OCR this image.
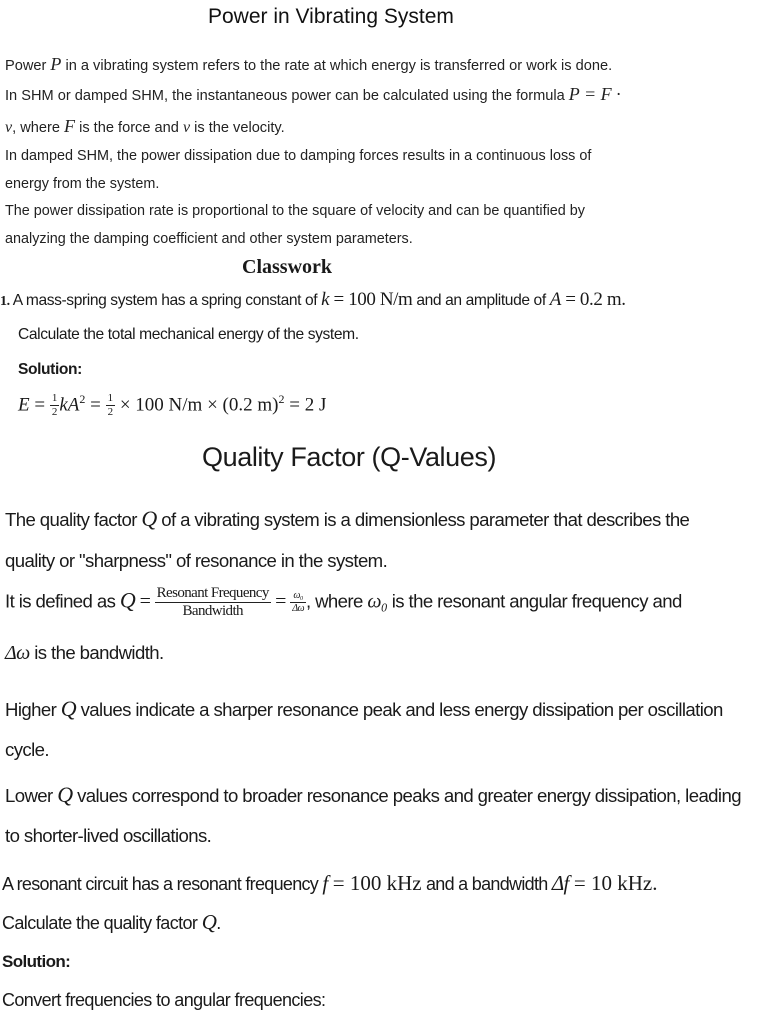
Power in Vibrating System
Power P in a vibrating system refers to the rate at which energy is transferred or work is done.
In SHM or damped SHM, the instantaneous power can be calculated using the formula P = F ·
v, where F is the force and v is the velocity.
In damped SHM, the power dissipation due to damping forces results in a continuous loss of
energy from the system.
The power dissipation rate is proportional to the square of velocity and can be quantified by
analyzing the damping coefficient and other system parameters.
Classwork
1. A mass-spring system has a spring constant of k = 100 N/m and an amplitude of A = 0.2 m.
Calculate the total mechanical energy of the system.
Solution:
$E = \frac{1}{2} kA^2 = \frac{1}{2} \times 100$ N/m × (0.2 m)$^2$ = 2 J
Quality Factor (Q-Values)
The quality factor Q of a vibrating system is a dimensionless parameter that describes the
quality or "sharpness" of resonance in the system.
It is defined as $Q = \frac{\text{Resonant Frequency}}{\text{Bandwidth}} = \frac{\text{ω₀}}{\Delta\omega}$ , where ω₀ is the resonant angular frequency and
Δω is the bandwidth.
Higher Q values indicate a sharper resonance peak and less energy dissipation per oscillation
cycle.
Lower Q values correspond to broader resonance peaks and greater energy dissipation, leading
to shorter-lived oscillations.
A resonant circuit has a resonant frequency f = 100 kHz and a bandwidth Δf = 10 kHz.
Calculate the quality factor Q.
Solution:
Convert frequencies to angular frequencies:
